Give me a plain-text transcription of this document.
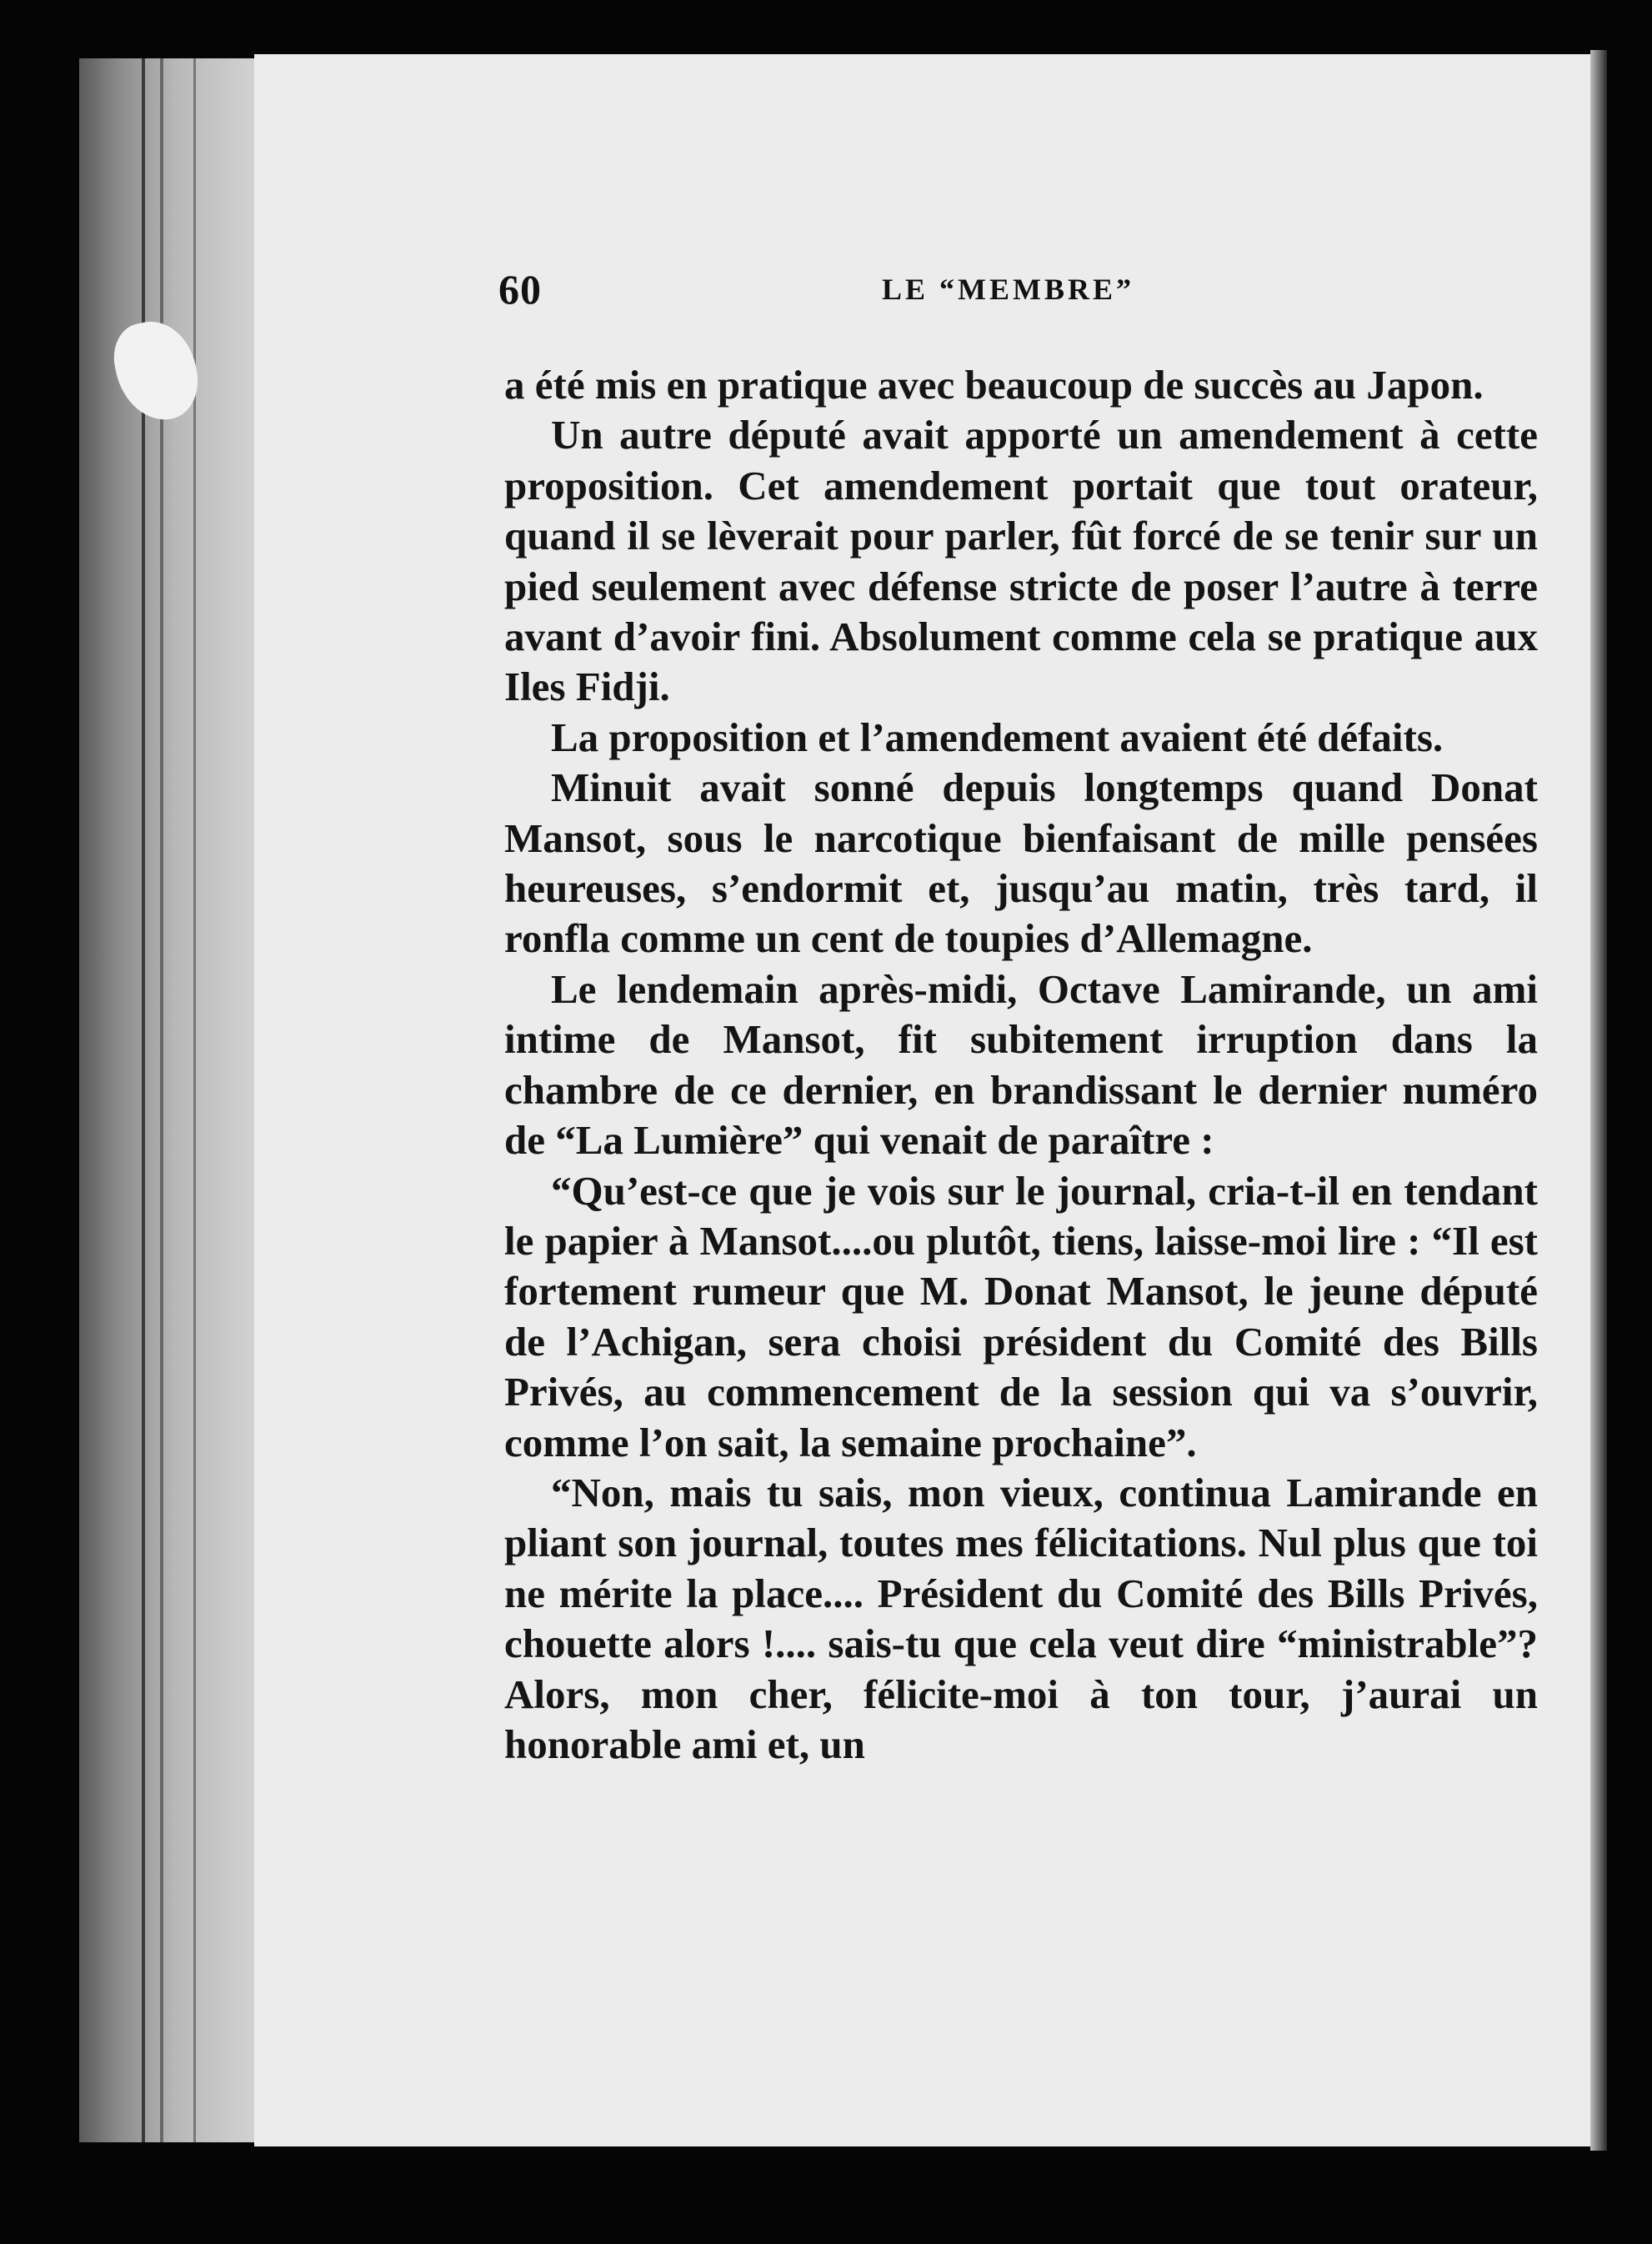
60	LE “MEMBRE”

a été mis en pratique avec beaucoup de succès au Japon.

Un autre député avait apporté un amendement à cette proposition. Cet amendement portait que tout orateur, quand il se lèverait pour parler, fût forcé de se tenir sur un pied seulement avec défense stricte de poser l’autre à terre avant d’avoir fini. Absolument comme cela se pratique aux Iles Fidji.

La proposition et l’amendement avaient été défaits.

Minuit avait sonné depuis longtemps quand Donat Mansot, sous le narcotique bienfaisant de mille pensées heureuses, s’endormit et, jusqu’au matin, très tard, il ronfla comme un cent de toupies d’Allemagne.

Le lendemain après-midi, Octave Lamirande, un ami intime de Mansot, fit subitement irruption dans la chambre de ce dernier, en brandissant le dernier numéro de “La Lumière” qui venait de paraître :

“Qu’est-ce que je vois sur le journal, cria-t-il en tendant le papier à Mansot....ou plutôt, tiens, laisse-moi lire : “Il est fortement rumeur que M. Donat Mansot, le jeune député de l’Achigan, sera choisi président du Comité des Bills Privés, au commencement de la session qui va s’ouvrir, comme l’on sait, la semaine prochaine”.

“Non, mais tu sais, mon vieux, continua Lamirande en pliant son journal, toutes mes félicitations. Nul plus que toi ne mérite la place.... Président du Comité des Bills Privés, chouette alors !.... sais-tu que cela veut dire “ministrable”? Alors, mon cher, félicite-moi à ton tour, j’aurai un honorable ami et, un
